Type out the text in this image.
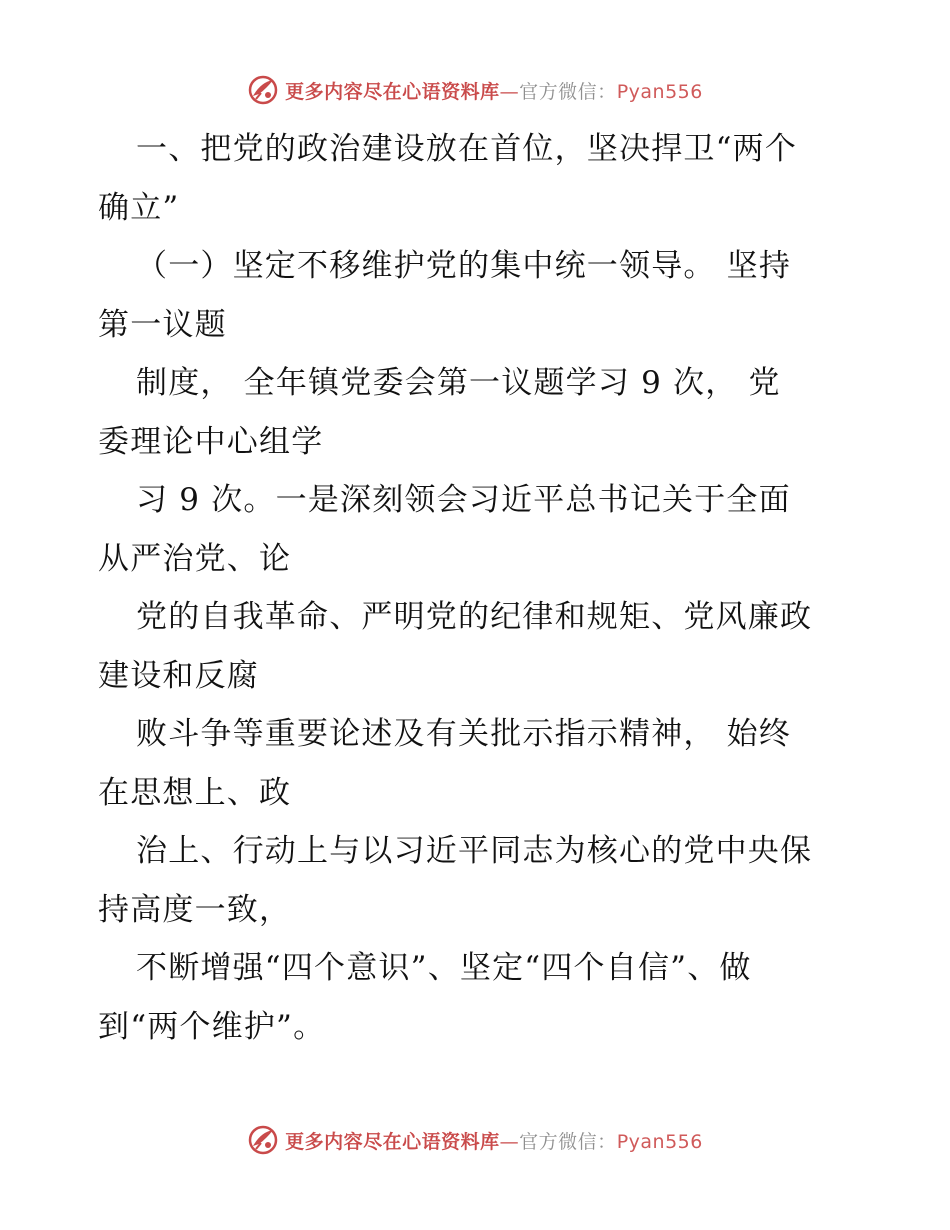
更多内容尽在心语资料库—官方微信：Pyan556
一、把党的政治建设放在首位，坚决捍卫“两个
确立”
（一）坚定不移维护党的集中统一领导。 坚持
第一议题
制度， 全年镇党委会第一议题学习 9 次， 党
委理论中心组学
习 9 次。一是深刻领会习近平总书记关于全面
从严治党、论
党的自我革命、严明党的纪律和规矩、党风廉政
建设和反腐
败斗争等重要论述及有关批示指示精神， 始终
在思想上、政
治上、行动上与以习近平同志为核心的党中央保
持高度一致，
不断增强“四个意识”、坚定“四个自信”、做
到“两个维护”。
更多内容尽在心语资料库—官方微信：Pyan556
